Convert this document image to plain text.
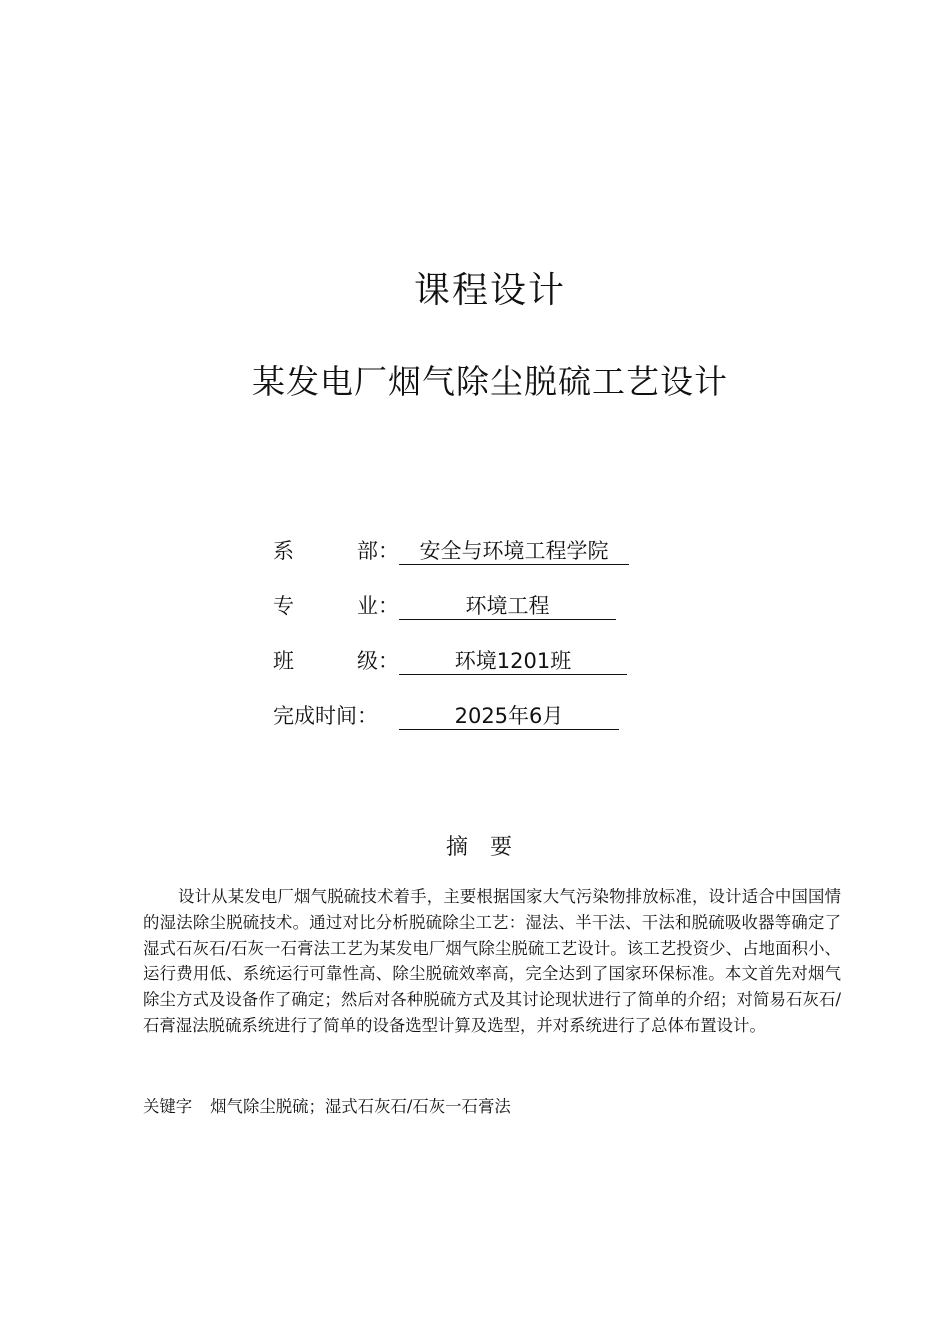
课程设计
某发电厂烟气除尘脱硫工艺设计
系	部： 安全与环境工程学院
专	业：	环境工程
班	级：	环境1201班
完成时间：	2025年6月
摘要
设计从某发电厂烟气脱硫技术着手，主要根据国家大气污染物排放标准，设计适合中国国情的湿法除尘脱硫技术。通过对比分析脱硫除尘工艺：湿法、半干法、干法和脱硫吸收器等确定了湿式石灰石/石灰一石膏法工艺为某发电厂烟气除尘脱硫工艺设计。该工艺投资少、占地面积小、运行费用低、系统运行可靠性高、除尘脱硫效率高，完全达到了国家环保标准。本文首先对烟气除尘方式及设备作了确定；然后对各种脱硫方式及其讨论现状进行了简单的介绍；对简易石灰石/石膏湿法脱硫系统进行了简单的设备选型计算及选型，并对系统进行了总体布置设计。
关键字 烟气除尘脱硫；湿式石灰石/石灰一石膏法
